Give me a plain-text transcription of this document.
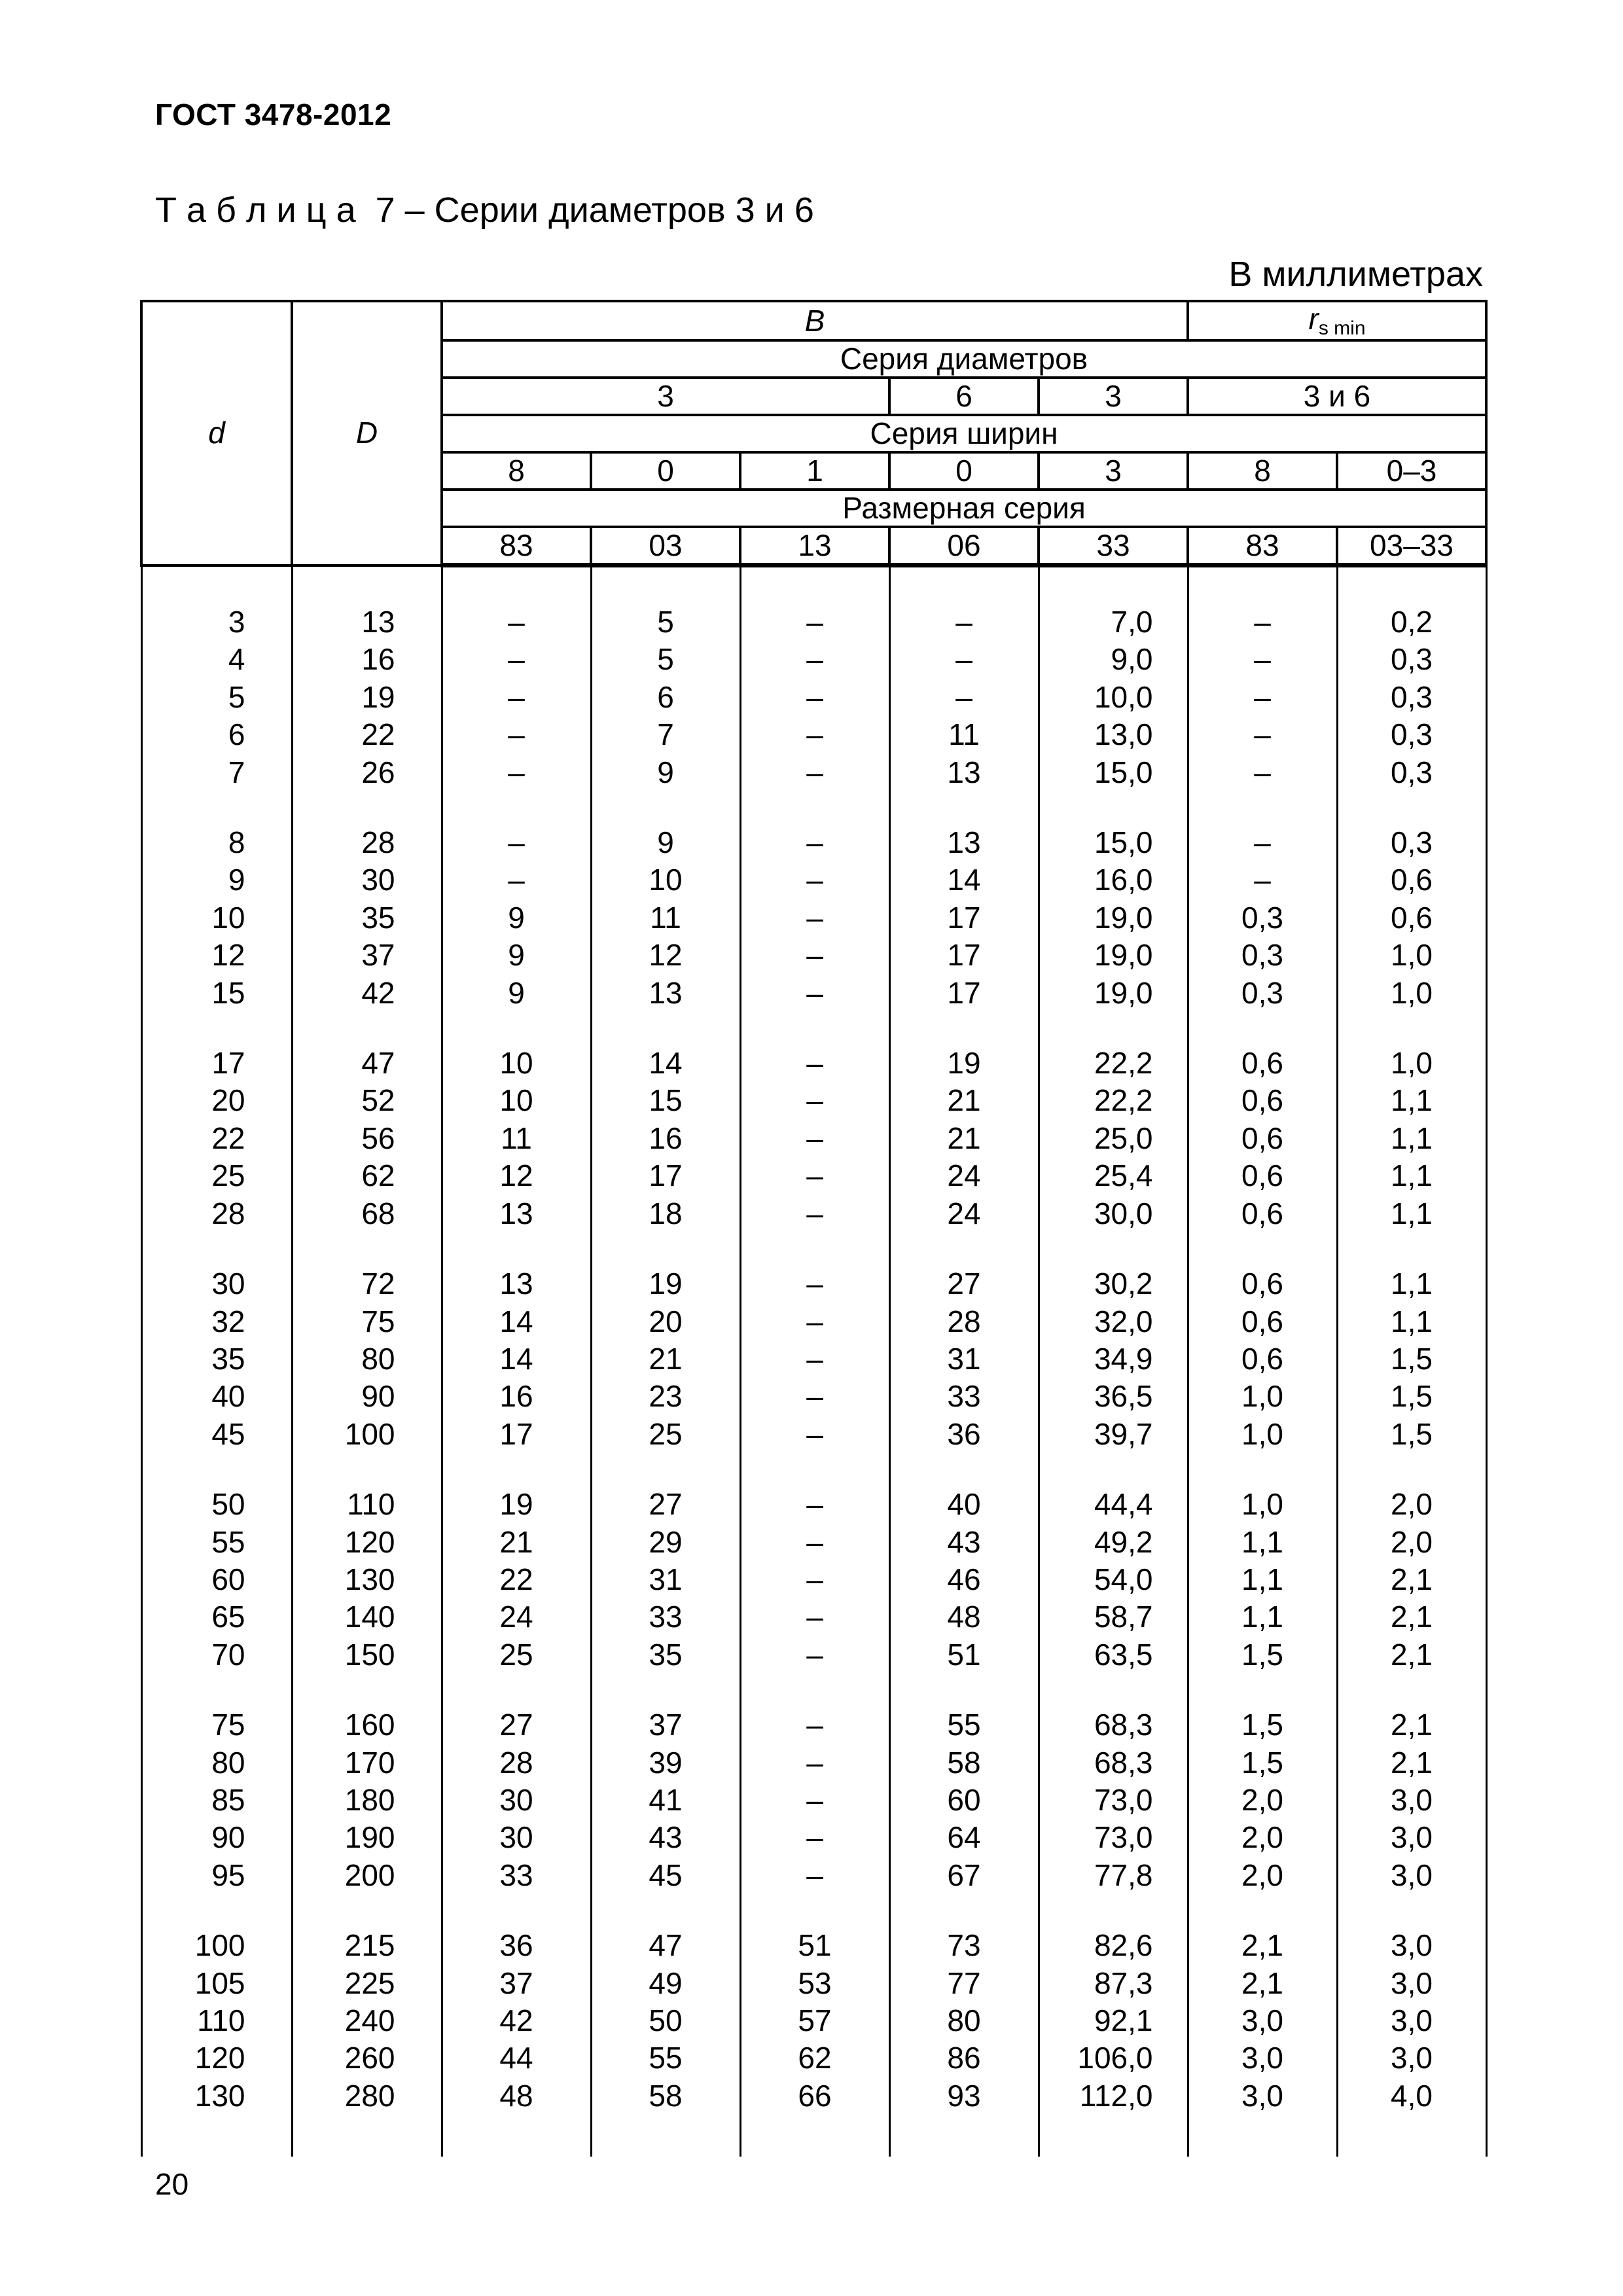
ГОСТ 3478-2012
Т а б л и ц а  7 – Серии диаметров 3 и 6
В миллиметрах
d	D	B					$r_{s min}$
		Серия диаметров						
		3			6	3	3 и 6	
		Серия ширин						
		8	0	1	0	3	8	0–3
		Размерная серия						
		83	03	13	06	33	83	03–33

3	13	–	5	–	–	7,0	–	0,2
4	16	–	5	–	–	9,0	–	0,3
5	19	–	6	–	–	10,0	–	0,3
6	22	–	7	–	11	13,0	–	0,3
7	26	–	9	–	13	15,0	–	0,3

8	28	–	9	–	13	15,0	–	0,3
9	30	–	10	–	14	16,0	–	0,6
10	35	9	11	–	17	19,0	0,3	0,6
12	37	9	12	–	17	19,0	0,3	1,0
15	42	9	13	–	17	19,0	0,3	1,0

17	47	10	14	–	19	22,2	0,6	1,0
20	52	10	15	–	21	22,2	0,6	1,1
22	56	11	16	–	21	25,0	0,6	1,1
25	62	12	17	–	24	25,4	0,6	1,1
28	68	13	18	–	24	30,0	0,6	1,1

30	72	13	19	–	27	30,2	0,6	1,1
32	75	14	20	–	28	32,0	0,6	1,1
35	80	14	21	–	31	34,9	0,6	1,5
40	90	16	23	–	33	36,5	1,0	1,5
45	100	17	25	–	36	39,7	1,0	1,5

50	110	19	27	–	40	44,4	1,0	2,0
55	120	21	29	–	43	49,2	1,1	2,0
60	130	22	31	–	46	54,0	1,1	2,1
65	140	24	33	–	48	58,7	1,1	2,1
70	150	25	35	–	51	63,5	1,5	2,1

75	160	27	37	–	55	68,3	1,5	2,1
80	170	28	39	–	58	68,3	1,5	2,1
85	180	30	41	–	60	73,0	2,0	3,0
90	190	30	43	–	64	73,0	2,0	3,0
95	200	33	45	–	67	77,8	2,0	3,0

100	215	36	47	51	73	82,6	2,1	3,0
105	225	37	49	53	77	87,3	2,1	3,0
110	240	42	50	57	80	92,1	3,0	3,0
120	260	44	55	62	86	106,0	3,0	3,0
130	280	48	58	66	93	112,0	3,0	4,0

20
